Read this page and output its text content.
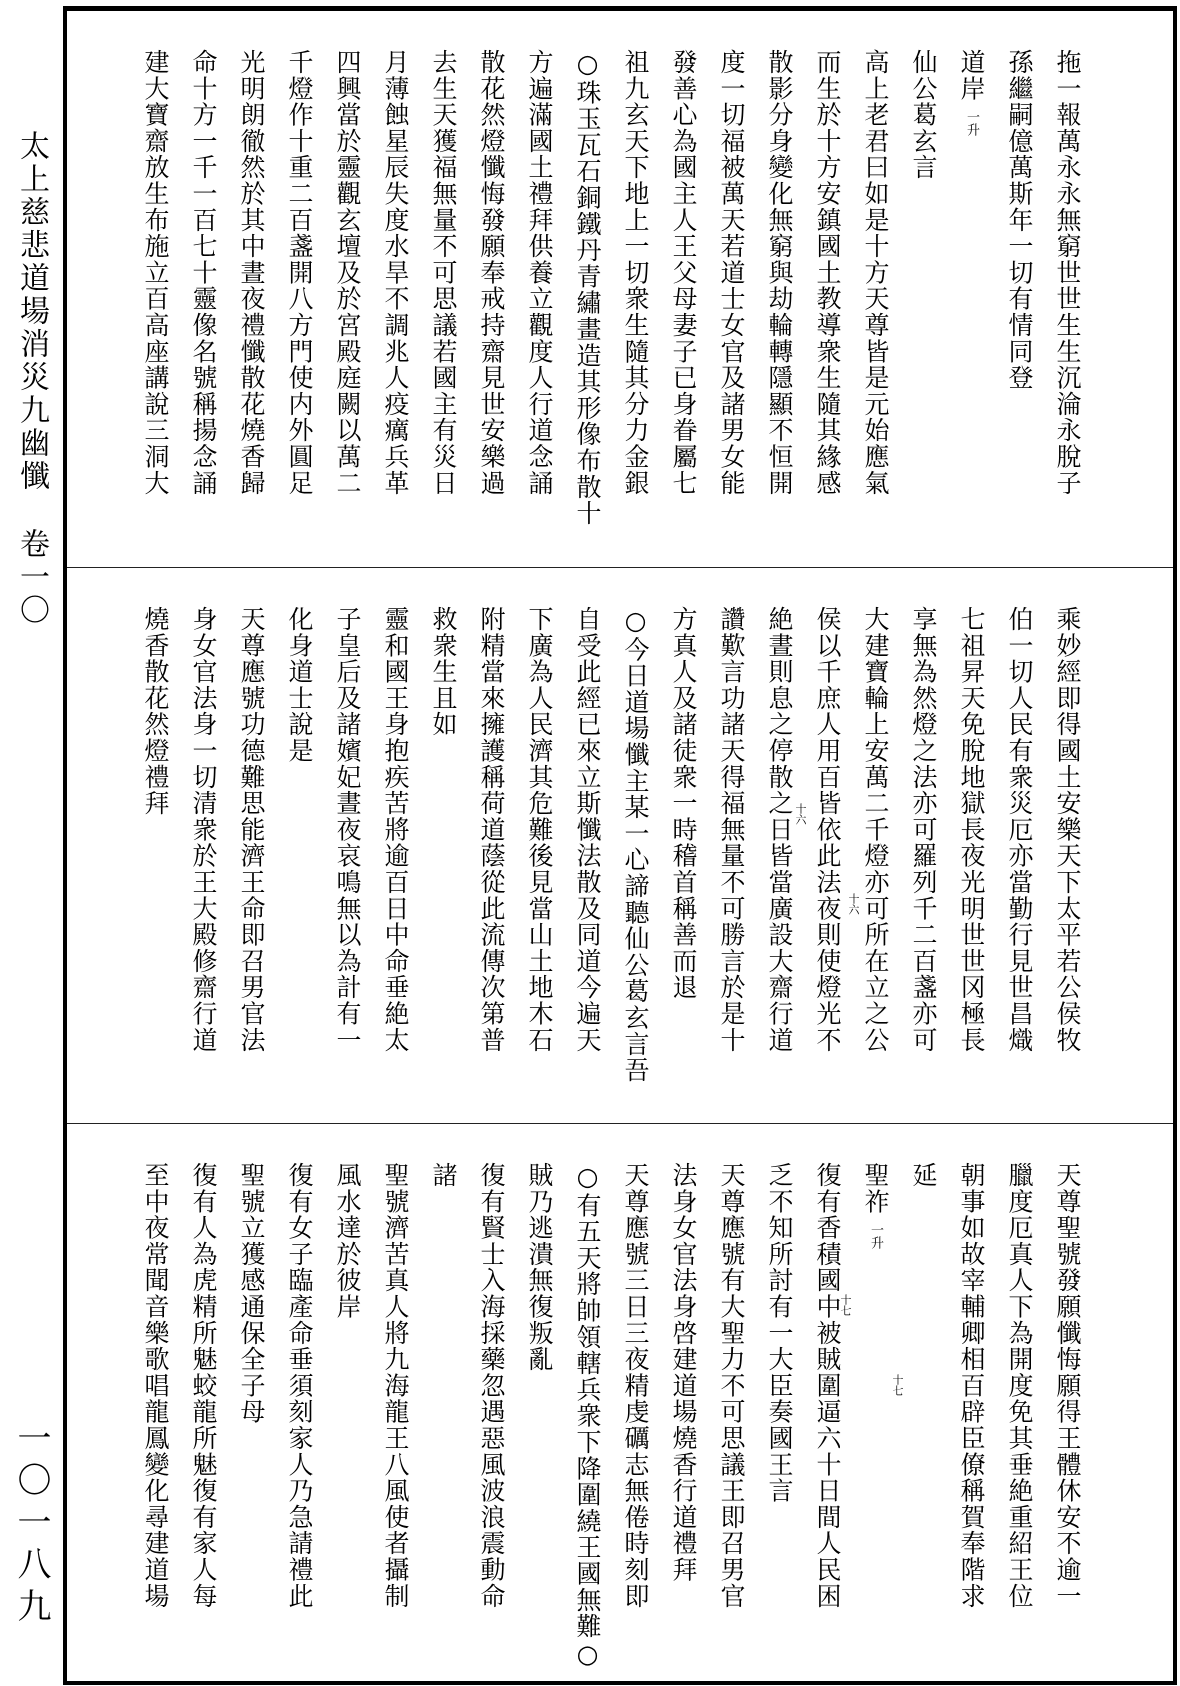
太上慈悲道場消災九幽懺 卷一〇
一〇一八九
拖一報萬永永無窮世世生生沉淪永脫子
孫繼嗣億萬斯年一切有情同登
道岸一升
仙公葛玄言
高上老君曰如是十方天尊皆是元始應氣
而生於十方安鎮國土教導衆生隨其緣感
散影分身變化無窮與劫輪轉隱顯不恒開
度一切福被萬天若道士女官及諸男女能
發善心為國主人王父母妻子已身眷屬七
祖九玄天下地上一切衆生隨其分力金銀
○珠玉瓦石銅鐵丹青繡畫造其形像布散十
方遍滿國土禮拜供養立觀度人行道念誦
散花然燈懺悔發願奉戒持齋見世安樂過
去生天獲福無量不可思議若國主有災日
月薄蝕星辰失度水旱不調兆人疫癘兵革
四興當於靈觀玄壇及於宮殿庭闕以萬二
千燈作十重二百盞開八方門使内外圓足
光明朗徹然於其中晝夜禮懺散花燒香歸
命十方一千一百七十靈像名號稱揚念誦
建大寶齋放生布施立百高座講說三洞大
乘妙經即得國土安樂天下太平若公侯牧
伯一切人民有衆災厄亦當勤行見世昌熾
七祖昇天免脫地獄長夜光明世世冈極長
享無為然燈之法亦可羅列千二百盞亦可
大建寶輪上安萬二千燈亦可所在立之公
侯以千庶人用百皆依此法夜則使燈光不
絶晝則息之停散之日皆當廣設大齋行道
讚歎言功諸天得福無量不可勝言於是十
方真人及諸徒衆一時稽首稱善而退
○今日道場懺主某一心諦聽仙公葛玄言吾
自受此經已來立斯懺法散及同道今遍天
下廣為人民濟其危難後見當山土地木石
附精當來擁護稱荷道蔭從此流傳次第普
救衆生且如
靈和國王身抱疾苦將逾百日中命垂絶太
子皇后及諸嬪妃晝夜哀鳴無以為計有一
化身道士說是
天尊應號功德難思能濟王命即召男官法
身女官法身一切清衆於王大殿修齋行道
燒香散花然燈禮拜	十六
十六
天尊聖號發願懺悔願得王體休安不逾一
臘度厄真人下為開度免其垂絶重紹王位
朝事如故宰輔卿相百辟臣僚稱賀奉階求
延
聖祚一升
復有香積國中被賊圍逼六十日間人民困
乏不知所討有一大臣奏國王言
天尊應號有大聖力不可思議王即召男官
法身女官法身啓建道場燒香行道禮拜
天尊應號三日三夜精虔礪志無倦時刻即
○有五天將帥領轄兵衆下降圍繞王國無難○
賊乃逃潰無復叛亂
復有賢士入海採藥忽遇惡風波浪震動命
諸
聖號濟苦真人將九海龍王八風使者攝制
風水達於彼岸
復有女子臨產命垂須刻家人乃急請禮此
聖號立獲感通保全子母
復有人為虎精所魅蛟龍所魅復有家人每
至中夜常聞音樂歌唱龍鳳變化尋建道場	十七
十七
